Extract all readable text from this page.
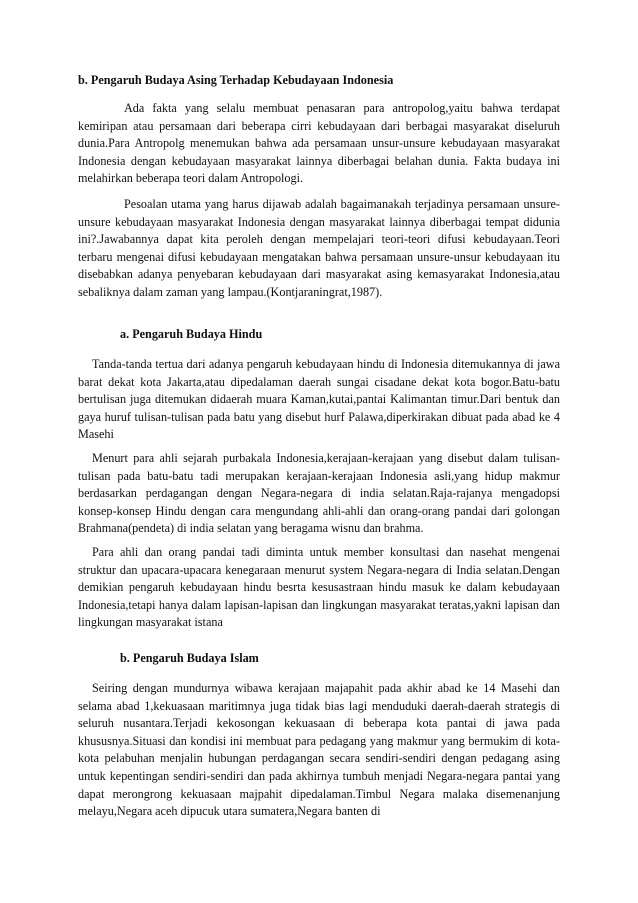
b. Pengaruh Budaya Asing Terhadap Kebudayaan Indonesia
Ada fakta yang selalu membuat penasaran para antropolog,yaitu bahwa terdapat kemiripan atau persamaan dari beberapa cirri kebudayaan dari berbagai masyarakat diseluruh dunia.Para Antropolg menemukan bahwa ada persamaan unsur-unsure kebudayaan masyarakat Indonesia dengan kebudayaan masyarakat lainnya diberbagai belahan dunia. Fakta budaya ini melahirkan beberapa teori dalam Antropologi.
Pesoalan utama yang harus dijawab adalah bagaimanakah terjadinya persamaan unsure-unsure kebudayaan masyarakat Indonesia dengan masyarakat lainnya diberbagai tempat didunia ini?.Jawabannya dapat kita peroleh dengan mempelajari teori-teori difusi kebudayaan.Teori terbaru mengenai difusi kebudayaan mengatakan bahwa persamaan unsure-unsur kebudayaan itu disebabkan adanya penyebaran kebudayaan dari masyarakat asing kemasyarakat Indonesia,atau sebaliknya dalam zaman yang lampau.(Kontjaraningrat,1987).
a. Pengaruh Budaya Hindu
Tanda-tanda tertua dari adanya pengaruh kebudayaan hindu di Indonesia ditemukannya di jawa barat dekat kota Jakarta,atau dipedalaman daerah sungai cisadane dekat kota bogor.Batu-batu bertulisan juga ditemukan didaerah muara Kaman,kutai,pantai Kalimantan timur.Dari bentuk dan gaya huruf tulisan-tulisan pada batu yang disebut hurf Palawa,diperkirakan dibuat pada abad ke 4 Masehi
Menurt para ahli sejarah purbakala Indonesia,kerajaan-kerajaan yang disebut dalam tulisan-tulisan pada batu-batu tadi merupakan kerajaan-kerajaan Indonesia asli,yang hidup makmur berdasarkan perdagangan dengan Negara-negara di india selatan.Raja-rajanya mengadopsi konsep-konsep Hindu dengan cara mengundang ahli-ahli dan orang-orang pandai dari golongan Brahmana(pendeta) di india selatan yang beragama wisnu dan brahma.
Para ahli dan orang pandai tadi diminta untuk member konsultasi dan nasehat mengenai struktur dan upacara-upacara kenegaraan menurut system Negara-negara di India selatan.Dengan demikian pengaruh kebudayaan hindu besrta kesusastraan hindu masuk ke dalam kebudayaan Indonesia,tetapi hanya dalam lapisan-lapisan dan lingkungan masyarakat teratas,yakni lapisan dan lingkungan masyarakat istana
b. Pengaruh Budaya Islam
Seiring dengan mundurnya wibawa kerajaan majapahit pada akhir abad ke 14 Masehi dan selama abad 1,kekuasaan maritimnya juga tidak bias lagi menduduki daerah-daerah strategis di seluruh nusantara.Terjadi kekosongan kekuasaan di beberapa kota pantai di jawa pada khususnya.Situasi dan kondisi ini membuat para pedagang yang makmur yang bermukim di kota-kota pelabuhan menjalin hubungan perdagangan secara sendiri-sendiri dengan pedagang asing untuk kepentingan sendiri-sendiri dan pada akhirnya tumbuh menjadi Negara-negara pantai yang dapat merongrong kekuasaan majpahit dipedalaman.Timbul Negara malaka disemenanjung melayu,Negara aceh dipucuk utara sumatera,Negara banten di
